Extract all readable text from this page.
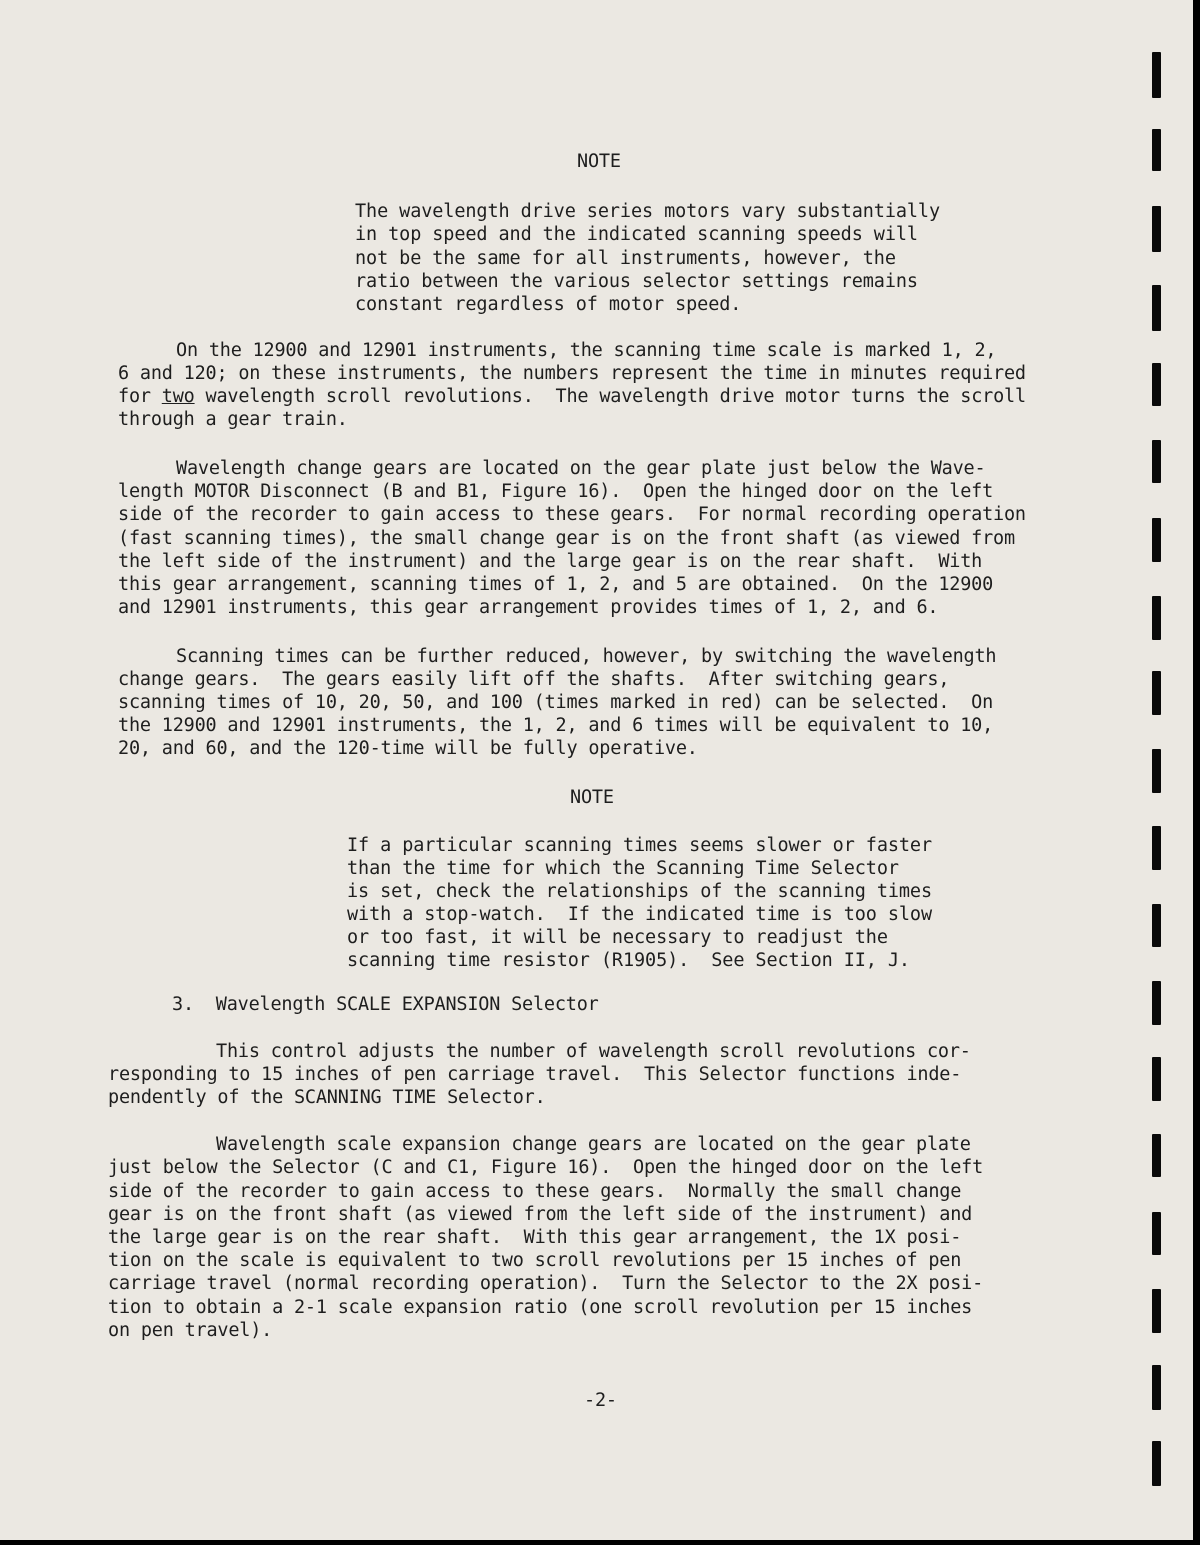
NOTE
The wavelength drive series motors vary substantially
in top speed and the indicated scanning speeds will
not be the same for all instruments, however, the
ratio between the various selector settings remains
constant regardless of motor speed.
On the 12900 and 12901 instruments, the scanning time scale is marked 1, 2,
6 and 120; on these instruments, the numbers represent the time in minutes required
for two wavelength scroll revolutions.  The wavelength drive motor turns the scroll
through a gear train.
Wavelength change gears are located on the gear plate just below the Wave-
length MOTOR Disconnect (B and B1, Figure 16).  Open the hinged door on the left
side of the recorder to gain access to these gears.  For normal recording operation
(fast scanning times), the small change gear is on the front shaft (as viewed from
the left side of the instrument) and the large gear is on the rear shaft.  With
this gear arrangement, scanning times of 1, 2, and 5 are obtained.  On the 12900
and 12901 instruments, this gear arrangement provides times of 1, 2, and 6.
Scanning times can be further reduced, however, by switching the wavelength
change gears.  The gears easily lift off the shafts.  After switching gears,
scanning times of 10, 20, 50, and 100 (times marked in red) can be selected.  On
the 12900 and 12901 instruments, the 1, 2, and 6 times will be equivalent to 10,
20, and 60, and the 120-time will be fully operative.
NOTE
If a particular scanning times seems slower or faster
than the time for which the Scanning Time Selector
is set, check the relationships of the scanning times
with a stop-watch.  If the indicated time is too slow
or too fast, it will be necessary to readjust the
scanning time resistor (R1905).  See Section II, J.
3.  Wavelength SCALE EXPANSION Selector
This control adjusts the number of wavelength scroll revolutions cor-
responding to 15 inches of pen carriage travel.  This Selector functions inde-
pendently of the SCANNING TIME Selector.
Wavelength scale expansion change gears are located on the gear plate
just below the Selector (C and C1, Figure 16).  Open the hinged door on the left
side of the recorder to gain access to these gears.  Normally the small change
gear is on the front shaft (as viewed from the left side of the instrument) and
the large gear is on the rear shaft.  With this gear arrangement, the 1X posi-
tion on the scale is equivalent to two scroll revolutions per 15 inches of pen
carriage travel (normal recording operation).  Turn the Selector to the 2X posi-
tion to obtain a 2-1 scale expansion ratio (one scroll revolution per 15 inches
on pen travel).
-2-
